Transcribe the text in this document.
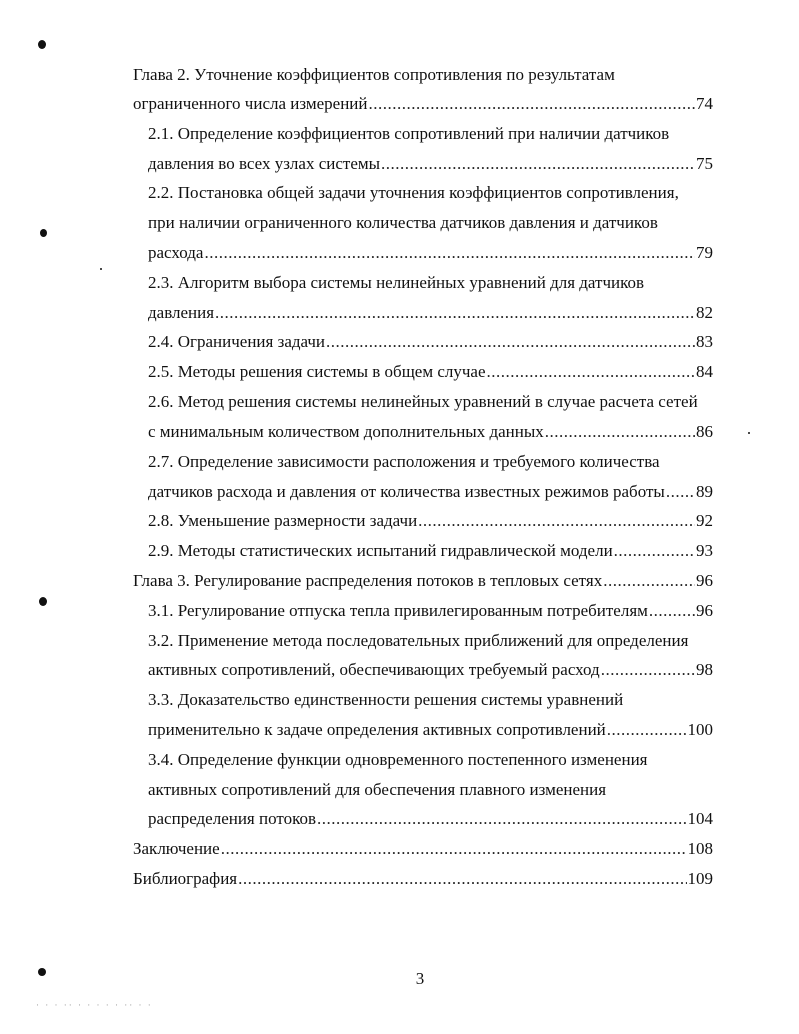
Глава 2. Уточнение коэффициентов сопротивления по результатам
ограниченного числа измерений .....	74
2.1. Определение коэффициентов сопротивлений при наличии датчиков
давления во всех узлах системы .....	75
2.2. Постановка общей задачи уточнения коэффициентов сопротивления,
при наличии ограниченного количества датчиков давления и датчиков
расхода .....	79
2.3. Алгоритм выбора системы нелинейных уравнений для датчиков
давления .....	82
2.4. Ограничения задачи .....	83
2.5. Методы решения системы в общем случае .....	84
2.6. Метод решения системы нелинейных уравнений в случае расчета сетей
с минимальным количеством дополнительных данных .....	86
2.7. Определение зависимости расположения и требуемого количества
датчиков расхода и давления от количества известных режимов работы ..... 89
2.8. Уменьшение размерности задачи .....	92
2.9. Методы статистических испытаний гидравлической модели .....	93
Глава 3. Регулирование распределения потоков в тепловых сетях .....	96
3.1. Регулирование отпуска тепла привилегированным потребителям .....	96
3.2. Применение метода последовательных приближений для определения
активных сопротивлений, обеспечивающих требуемый расход .....	98
3.3. Доказательство единственности решения системы уравнений
применительно к задаче определения активных сопротивлений .....	100
3.4. Определение функции одновременного постепенного изменения
активных сопротивлений для обеспечения плавного изменения
распределения потоков .....	104
Заключение .....	108
Библиография .....	109
3
· · · ·· · · · · · ·· · ·
